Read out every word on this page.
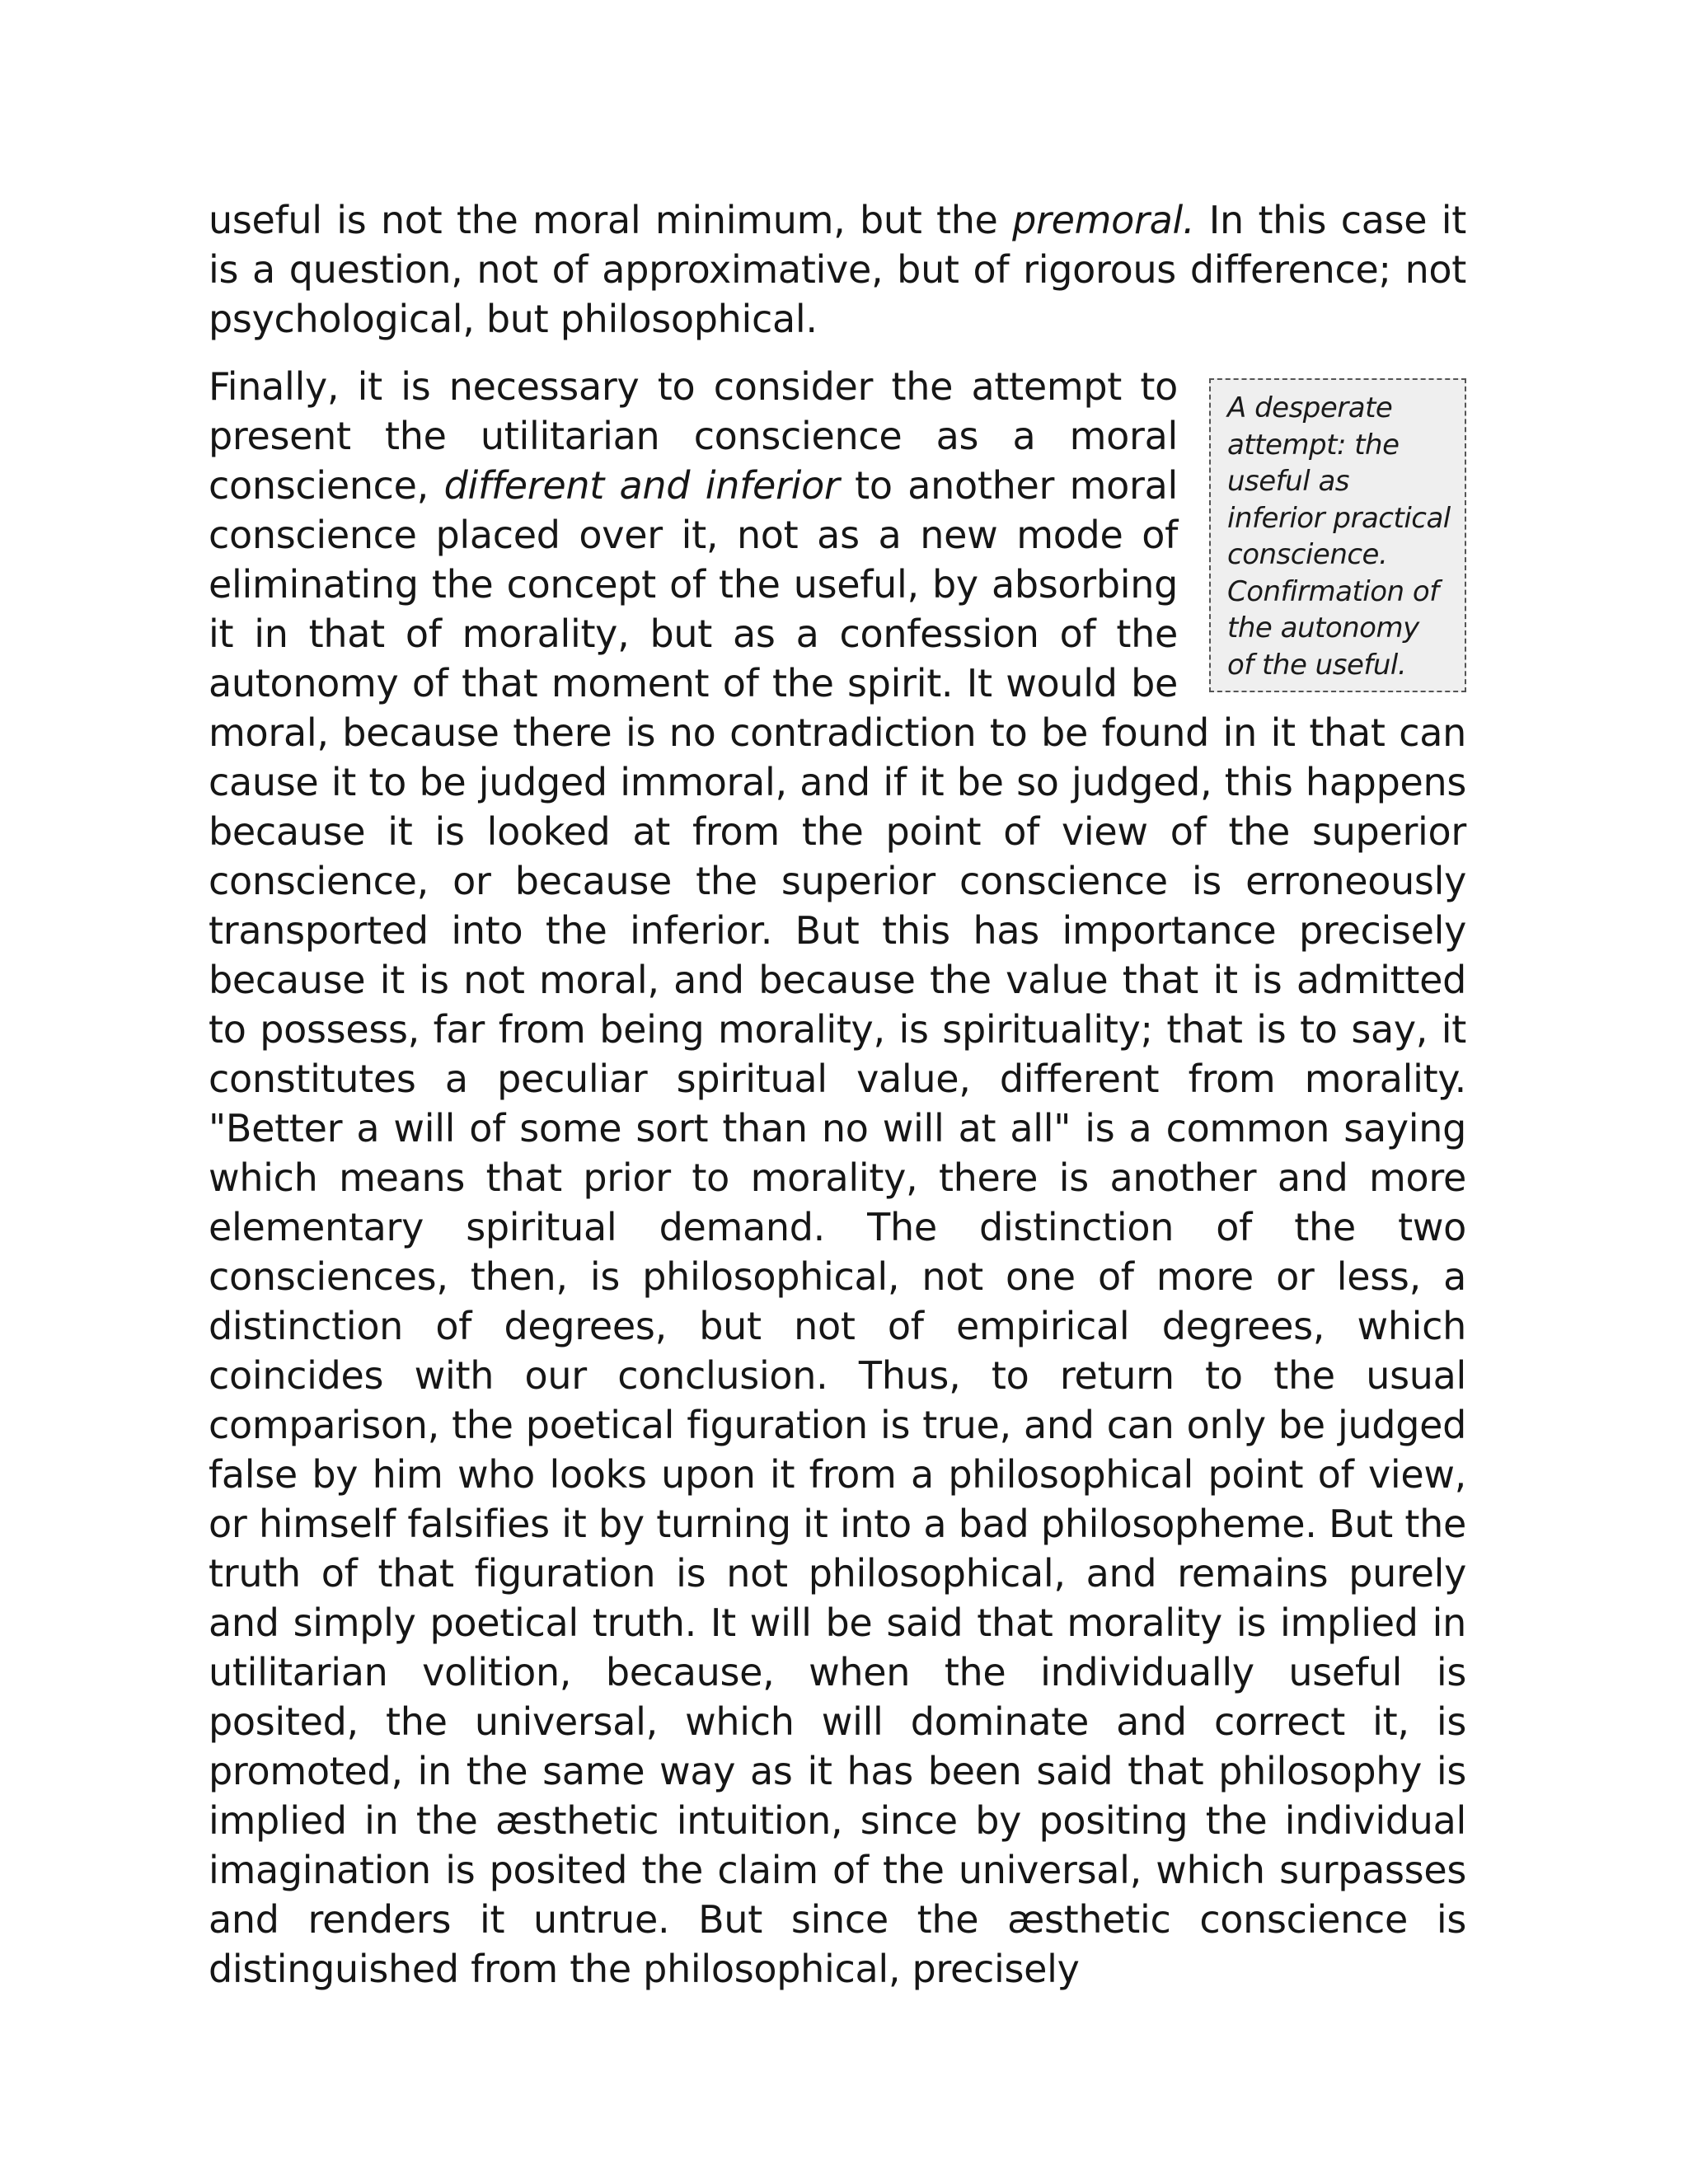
useful is not the moral minimum, but the premoral. In this case it is a question, not of approximative, but of rigorous difference; not psychological, but philosophical.

A desperate attempt: the useful as inferior practical conscience. Confirmation of the autonomy of the useful.

Finally, it is necessary to consider the attempt to present the utilitarian conscience as a moral conscience, different and inferior to another moral conscience placed over it, not as a new mode of eliminating the concept of the useful, by absorbing it in that of morality, but as a confession of the autonomy of that moment of the spirit. It would be moral, because there is no contradiction to be found in it that can cause it to be judged immoral, and if it be so judged, this happens because it is looked at from the point of view of the superior conscience, or because the superior conscience is erroneously transported into the inferior. But this has importance precisely because it is not moral, and because the value that it is admitted to possess, far from being morality, is spirituality; that is to say, it constitutes a peculiar spiritual value, different from morality. "Better a will of some sort than no will at all" is a common saying which means that prior to morality, there is another and more elementary spiritual demand. The distinction of the two consciences, then, is philosophical, not one of more or less, a distinction of degrees, but not of empirical degrees, which coincides with our conclusion. Thus, to return to the usual comparison, the poetical figuration is true, and can only be judged false by him who looks upon it from a philosophical point of view, or himself falsifies it by turning it into a bad philosopheme. But the truth of that figuration is not philosophical, and remains purely and simply poetical truth. It will be said that morality is implied in utilitarian volition, because, when the individually useful is posited, the universal, which will dominate and correct it, is promoted, in the same way as it has been said that philosophy is implied in the æsthetic intuition, since by positing the individual imagination is posited the claim of the universal, which surpasses and renders it untrue. But since the æsthetic conscience is distinguished from the philosophical, precisely
